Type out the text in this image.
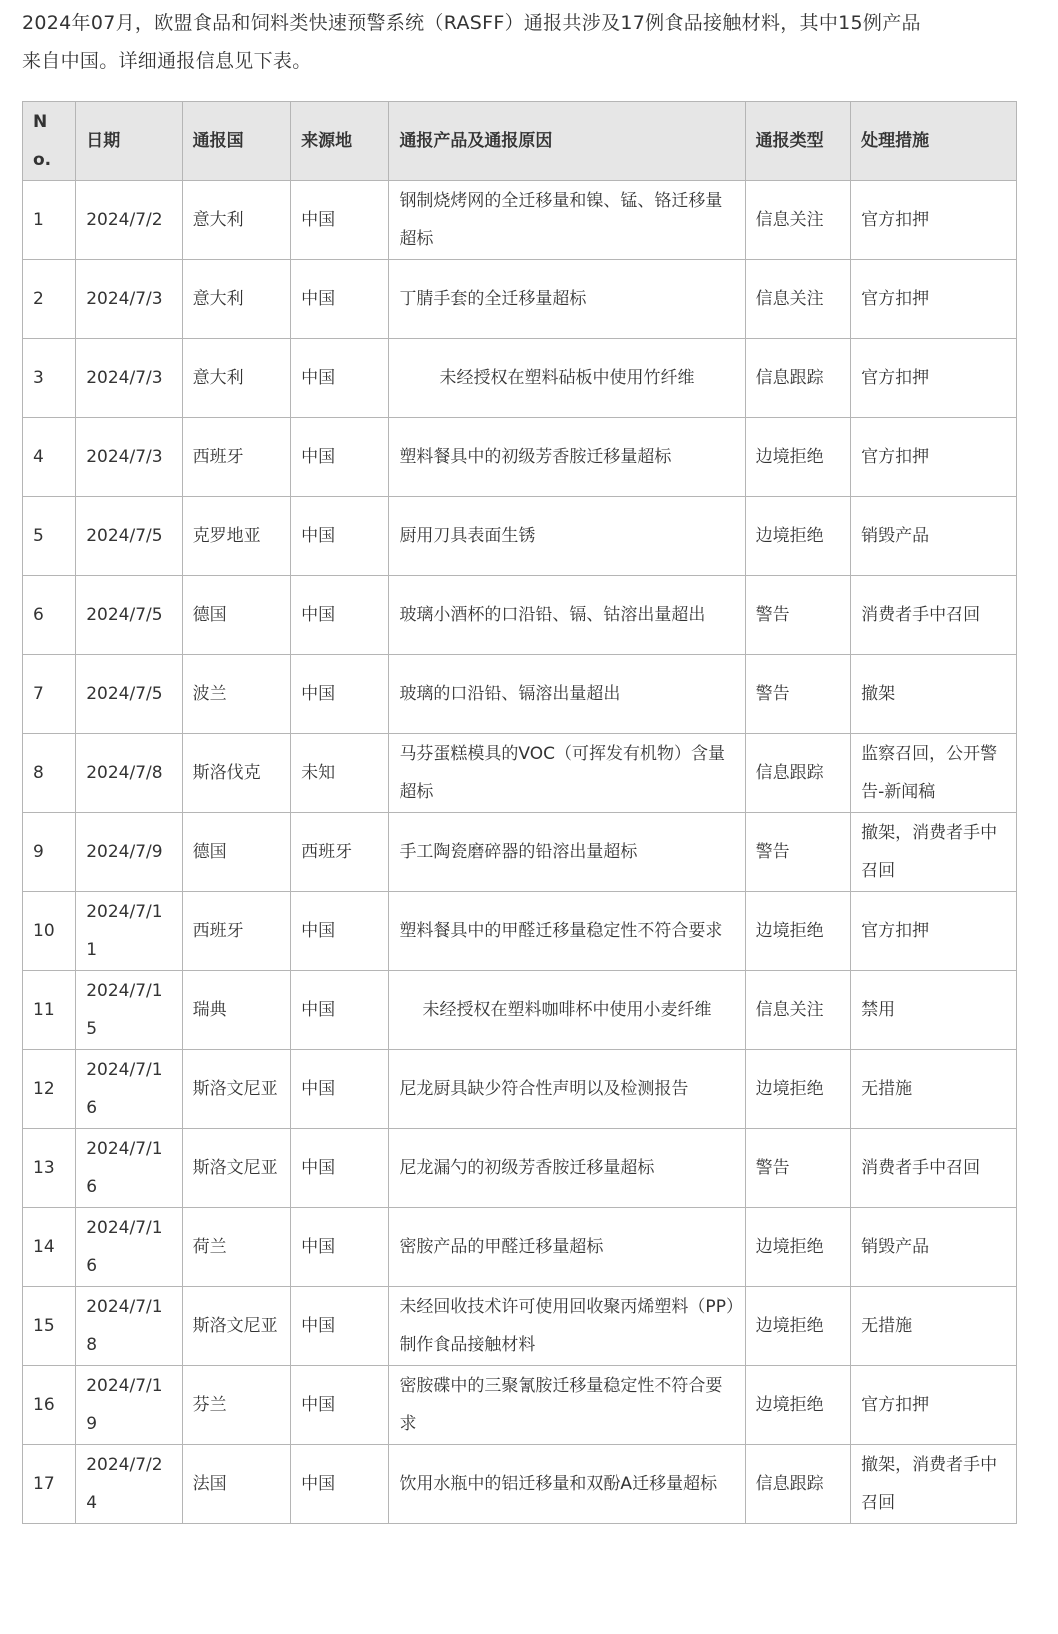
2024年07月，欧盟食品和饲料类快速预警系统（RASFF）通报共涉及17例食品接触材料，其中15例产品
来自中国。详细通报信息见下表。

No.	日期	通报国	来源地	通报产品及通报原因	通报类型	处理措施
1	2024/7/2	意大利	中国	钢制烧烤网的全迁移量和镍、锰、铬迁移量超标	信息关注	官方扣押
2	2024/7/3	意大利	中国	丁腈手套的全迁移量超标	信息关注	官方扣押
3	2024/7/3	意大利	中国	未经授权在塑料砧板中使用竹纤维	信息跟踪	官方扣押
4	2024/7/3	西班牙	中国	塑料餐具中的初级芳香胺迁移量超标	边境拒绝	官方扣押
5	2024/7/5	克罗地亚	中国	厨用刀具表面生锈	边境拒绝	销毁产品
6	2024/7/5	德国	中国	玻璃小酒杯的口沿铅、镉、钴溶出量超出	警告	消费者手中召回
7	2024/7/5	波兰	中国	玻璃的口沿铅、镉溶出量超出	警告	撤架
8	2024/7/8	斯洛伐克	未知	马芬蛋糕模具的VOC（可挥发有机物）含量超标	信息跟踪	监察召回，公开警告-新闻稿
9	2024/7/9	德国	西班牙	手工陶瓷磨碎器的铅溶出量超标	警告	撤架，消费者手中召回
10	2024/7/11	西班牙	中国	塑料餐具中的甲醛迁移量稳定性不符合要求	边境拒绝	官方扣押
11	2024/7/15	瑞典	中国	未经授权在塑料咖啡杯中使用小麦纤维	信息关注	禁用
12	2024/7/16	斯洛文尼亚	中国	尼龙厨具缺少符合性声明以及检测报告	边境拒绝	无措施
13	2024/7/16	斯洛文尼亚	中国	尼龙漏勺的初级芳香胺迁移量超标	警告	消费者手中召回
14	2024/7/16	荷兰	中国	密胺产品的甲醛迁移量超标	边境拒绝	销毁产品
15	2024/7/18	斯洛文尼亚	中国	未经回收技术许可使用回收聚丙烯塑料（PP）制作食品接触材料	边境拒绝	无措施
16	2024/7/19	芬兰	中国	密胺碟中的三聚氰胺迁移量稳定性不符合要求	边境拒绝	官方扣押
17	2024/7/24	法国	中国	饮用水瓶中的铝迁移量和双酚A迁移量超标	信息跟踪	撤架，消费者手中召回
